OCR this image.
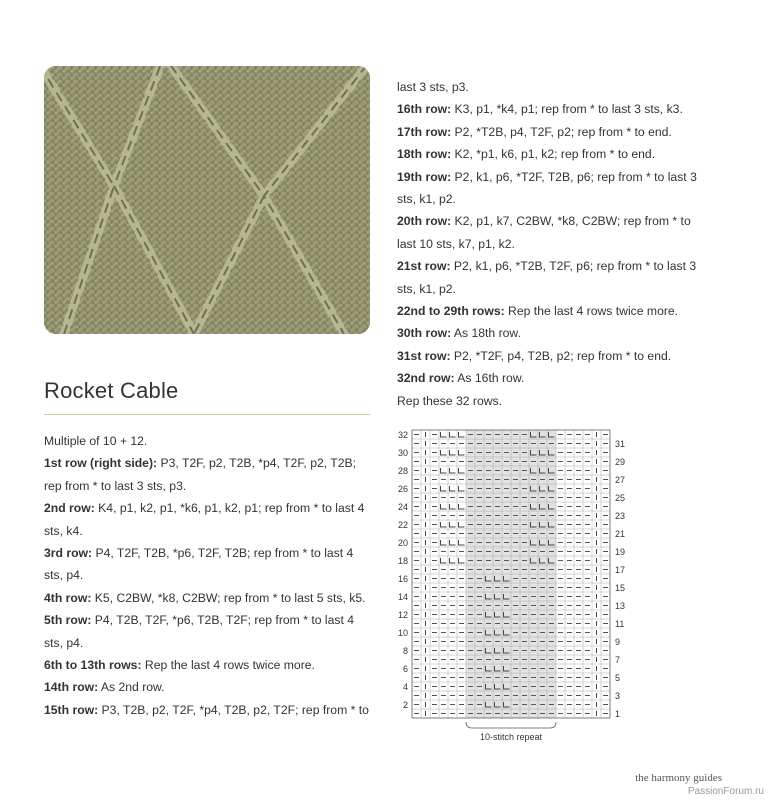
Rocket Cable

Multiple of 10 + 12.

1st row (right side): P3, T2F, p2, T2B, *p4, T2F, p2, T2B; rep from * to last 3 sts, p3.

2nd row: K4, p1, k2, p1, *k6, p1, k2, p1; rep from * to last 4 sts, k4.

3rd row: P4, T2F, T2B, *p6, T2F, T2B; rep from * to last 4 sts, p4.

4th row: K5, C2BW, *k8, C2BW; rep from * to last 5 sts, k5.

5th row: P4, T2B, T2F, *p6, T2B, T2F; rep from * to last 4 sts, p4.

6th to 13th rows: Rep the last 4 rows twice more.

14th row: As 2nd row.

15th row: P3, T2B, p2, T2F, *p4, T2B, p2, T2F; rep from * to

last 3 sts, p3.

16th row: K3, p1, *k4, p1; rep from * to last 3 sts, k3.

17th row: P2, *T2B, p4, T2F, p2; rep from * to end.

18th row: K2, *p1, k6, p1, k2; rep from * to end.

19th row: P2, k1, p6, *T2F, T2B, p6; rep from * to last 3 sts, k1, p2.

20th row: K2, p1, k7, C2BW, *k8, C2BW; rep from * to last 10 sts, k7, p1, k2.

21st row: P2, k1, p6, *T2B, T2F, p6; rep from * to last 3 sts, k1, p2.

22nd to 29th rows: Rep the last 4 rows twice more.

30th row: As 18th row.

31st row: P2, *T2F, p4, T2B, p2; rep from * to end.

32nd row: As 16th row.

Rep these 32 rows.

32
30
28
26
24
22
20
18
16
14
12
10
8
6
4
2
31
29
27
25
23
21
19
17
15
13
11
9
7
5
3
1
10-stitch repeat
the harmony guides
PassionForum.ru
